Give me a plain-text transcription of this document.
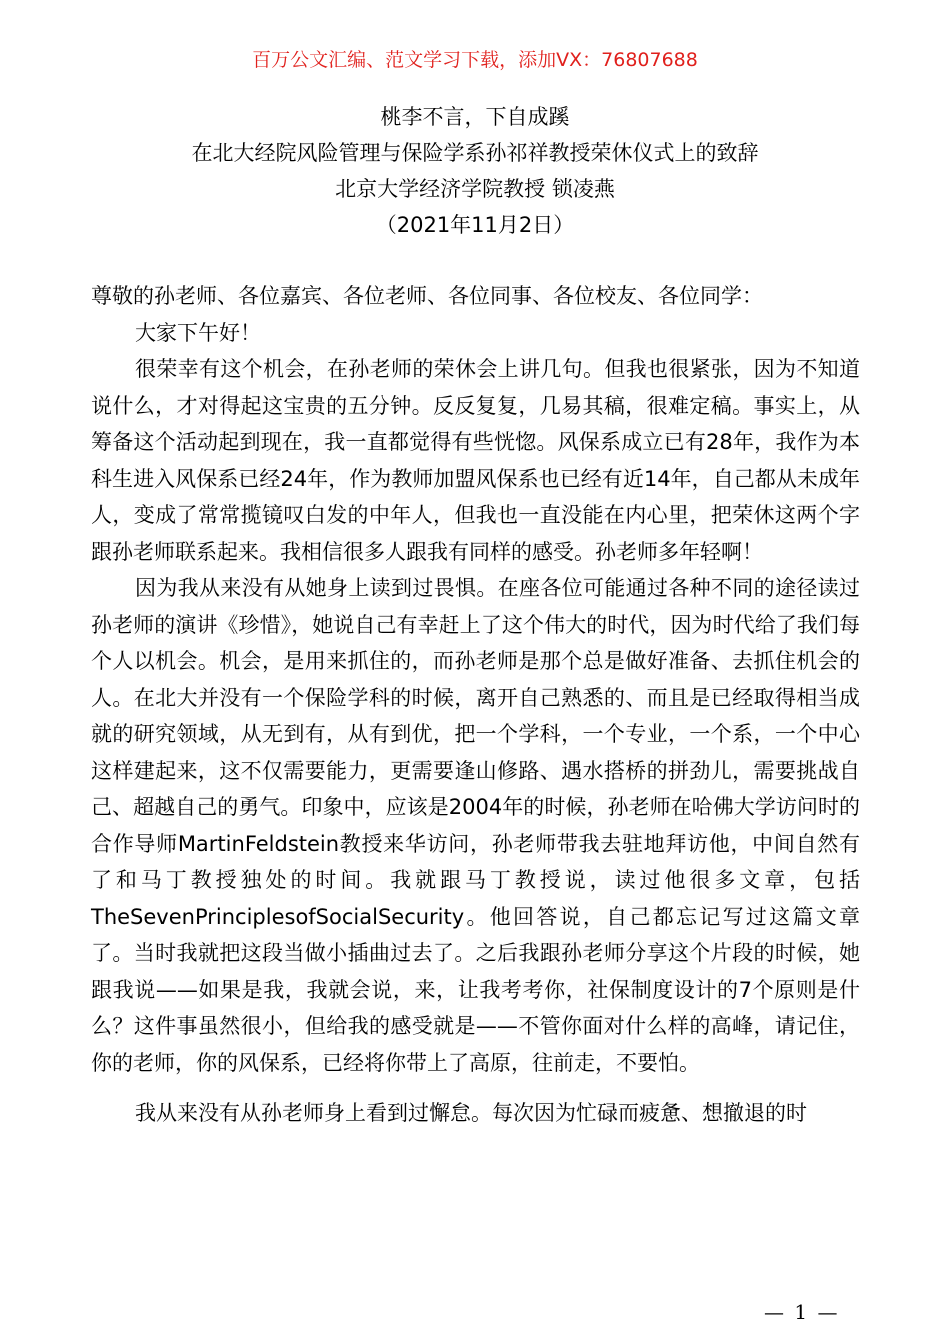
百万公文汇编、范文学习下载，添加VX：76807688
桃李不言，下自成蹊
在北大经院风险管理与保险学系孙祁祥教授荣休仪式上的致辞
北京大学经济学院教授 锁凌燕
（2021年11月2日）

尊敬的孙老师、各位嘉宾、各位老师、各位同事、各位校友、各位同学：

大家下午好！

很荣幸有这个机会，在孙老师的荣休会上讲几句。但我也很紧张，因为不知道说什么，才对得起这宝贵的五分钟。反反复复，几易其稿，很难定稿。事实上，从筹备这个活动起到现在，我一直都觉得有些恍惚。风保系成立已有28年，我作为本科生进入风保系已经24年，作为教师加盟风保系也已经有近14年，自己都从未成年人，变成了常常揽镜叹白发的中年人，但我也一直没能在内心里，把荣休这两个字跟孙老师联系起来。我相信很多人跟我有同样的感受。孙老师多年轻啊！

因为我从来没有从她身上读到过畏惧。在座各位可能通过各种不同的途径读过孙老师的演讲《珍惜》，她说自己有幸赶上了这个伟大的时代，因为时代给了我们每个人以机会。机会，是用来抓住的，而孙老师是那个总是做好准备、去抓住机会的人。在北大并没有一个保险学科的时候，离开自己熟悉的、而且是已经取得相当成就的研究领域，从无到有，从有到优，把一个学科，一个专业，一个系，一个中心这样建起来，这不仅需要能力，更需要逢山修路、遇水搭桥的拼劲儿，需要挑战自己、超越自己的勇气。印象中，应该是2004年的时候，孙老师在哈佛大学访问时的合作导师MartinFeldstein教授来华访问，孙老师带我去驻地拜访他，中间自然有了和马丁教授独处的时间。我就跟马丁教授说，读过他很多文章，包括TheSevenPrinciplesofSocialSecurity。他回答说，自己都忘记写过这篇文章了。当时我就把这段当做小插曲过去了。之后我跟孙老师分享这个片段的时候，她跟我说——如果是我，我就会说，来，让我考考你，社保制度设计的7个原则是什么？这件事虽然很小，但给我的感受就是——不管你面对什么样的高峰，请记住，你的老师，你的风保系，已经将你带上了高原，往前走，不要怕。

我从来没有从孙老师身上看到过懈怠。每次因为忙碌而疲惫、想撤退的时

— 1 —
